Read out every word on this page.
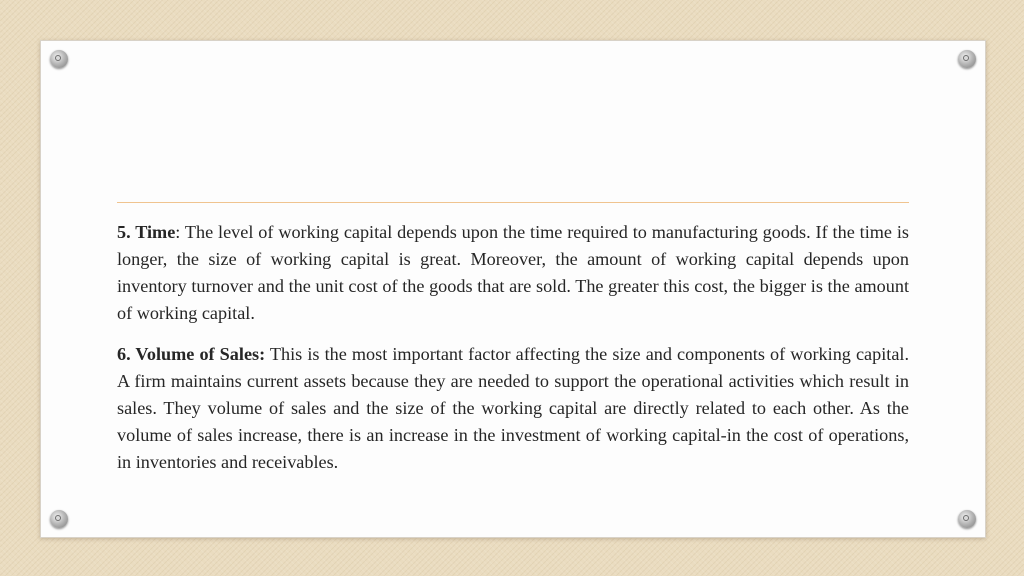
5. Time: The level of working capital depends upon the time required to manufacturing goods. If the time is longer, the size of working capital is great. Moreover, the amount of working capital depends upon inventory turnover and the unit cost of the goods that are sold. The greater this cost, the bigger is the amount of working capital.

6. Volume of Sales: This is the most important factor affecting the size and components of working capital. A firm maintains current assets because they are needed to support the operational activities which result in sales. They volume of sales and the size of the working capital are directly related to each other. As the volume of sales increase, there is an increase in the investment of working capital-in the cost of operations, in inventories and receivables.
